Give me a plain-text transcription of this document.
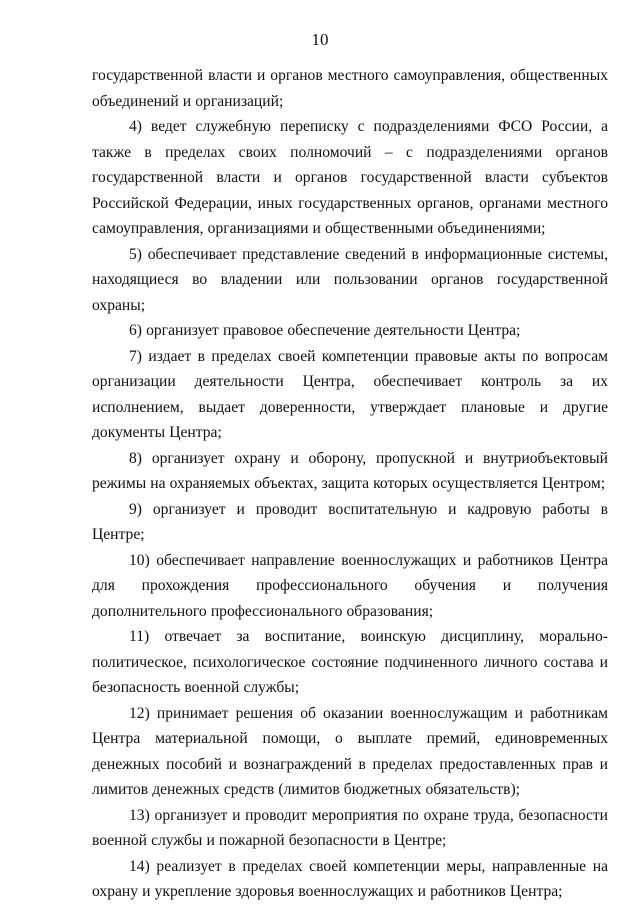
10

государственной власти и органов местного самоуправления, общественных объединений и организаций;

4) ведет служебную переписку с подразделениями ФСО России, а также в пределах своих полномочий – с подразделениями органов государственной власти и органов государственной власти субъектов Российской Федерации, иных государственных органов, органами местного самоуправления, организациями и общественными объединениями;

5) обеспечивает представление сведений в информационные системы, находящиеся во владении или пользовании органов государственной охраны;

6) организует правовое обеспечение деятельности Центра;

7) издает в пределах своей компетенции правовые акты по вопросам организации деятельности Центра, обеспечивает контроль за их исполнением, выдает доверенности, утверждает плановые и другие документы Центра;

8) организует охрану и оборону, пропускной и внутриобъектовый режимы на охраняемых объектах, защита которых осуществляется Центром;

9) организует и проводит воспитательную и кадровую работы в Центре;

10) обеспечивает направление военнослужащих и работников Центра для прохождения профессионального обучения и получения дополнительного профессионального образования;

11) отвечает за воспитание, воинскую дисциплину, морально-политическое, психологическое состояние подчиненного личного состава и безопасность военной службы;

12) принимает решения об оказании военнослужащим и работникам Центра материальной помощи, о выплате премий, единовременных денежных пособий и вознаграждений в пределах предоставленных прав и лимитов денежных средств (лимитов бюджетных обязательств);

13) организует и проводит мероприятия по охране труда, безопасности военной службы и пожарной безопасности в Центре;

14) реализует в пределах своей компетенции меры, направленные на охрану и укрепление здоровья военнослужащих и работников Центра;
